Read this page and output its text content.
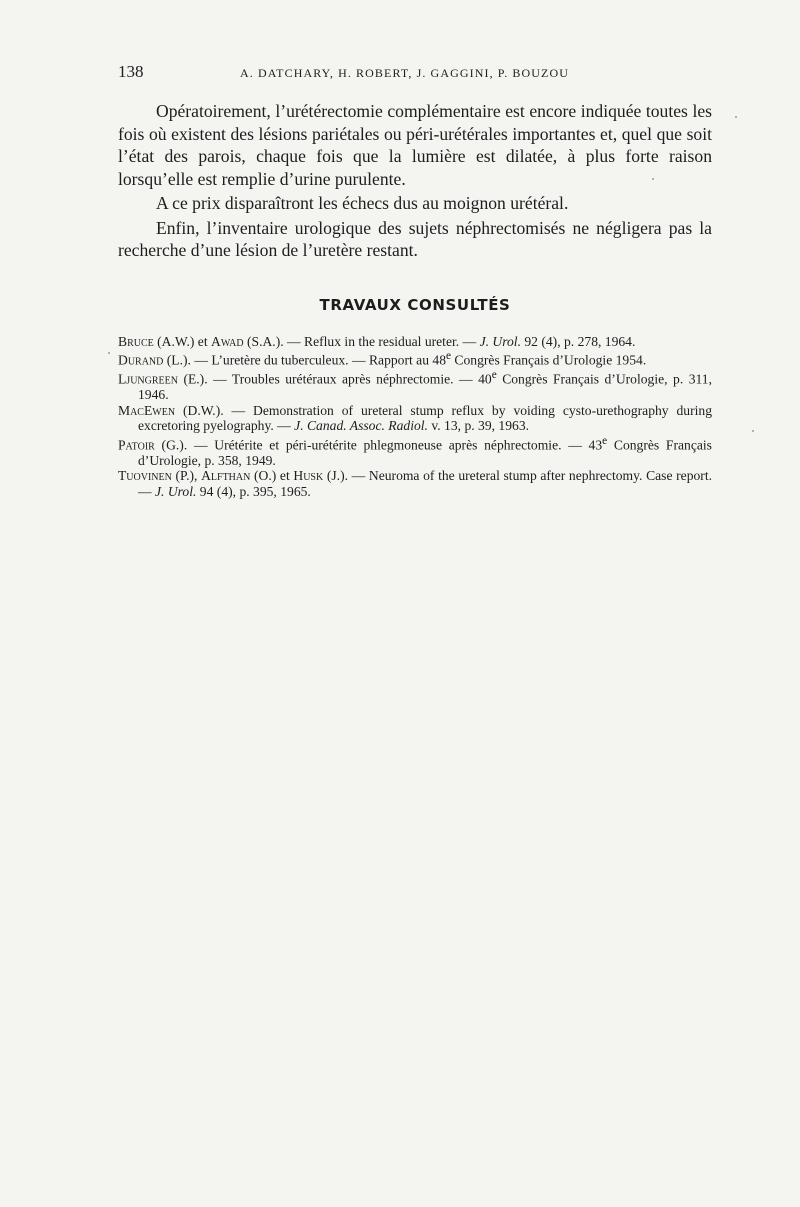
138	A. DATCHARY, H. ROBERT, J. GAGGINI, P. BOUZOU

Opératoirement, l’urétérectomie complémentaire est encore indiquée toutes les fois où existent des lésions pariétales ou péri-urétérales importantes et, quel que soit l’état des parois, chaque fois que la lumière est dilatée, à plus forte raison lorsqu’elle est remplie d’urine purulente.

A ce prix disparaîtront les échecs dus au moignon urétéral.

Enfin, l’inventaire urologique des sujets néphrectomisés ne négligera pas la recherche d’une lésion de l’uretère restant.

TRAVAUX CONSULTÉS
Bruce (A.W.) et Awad (S.A.). — Reflux in the residual ureter. — J. Urol. 92 (4), p. 278, 1964.
Durand (L.). — L’uretère du tuberculeux. — Rapport au 48e Congrès Français d’Urologie 1954.
Ljungreen (E.). — Troubles urétéraux après néphrectomie. — 40e Congrès Français d’Urologie, p. 311, 1946.
MacEwen (D.W.). — Demonstration of ureteral stump reflux by voiding cysto-urethography during excretoring pyelography. — J. Canad. Assoc. Radiol. v. 13, p. 39, 1963.
Patoir (G.). — Urétérite et péri-urétérite phlegmoneuse après néphrectomie. — 43e Congrès Français d’Urologie, p. 358, 1949.
Tuovinen (P.), Alfthan (O.) et Husk (J.). — Neuroma of the ureteral stump after nephrectomy. Case report. — J. Urol. 94 (4), p. 395, 1965.
